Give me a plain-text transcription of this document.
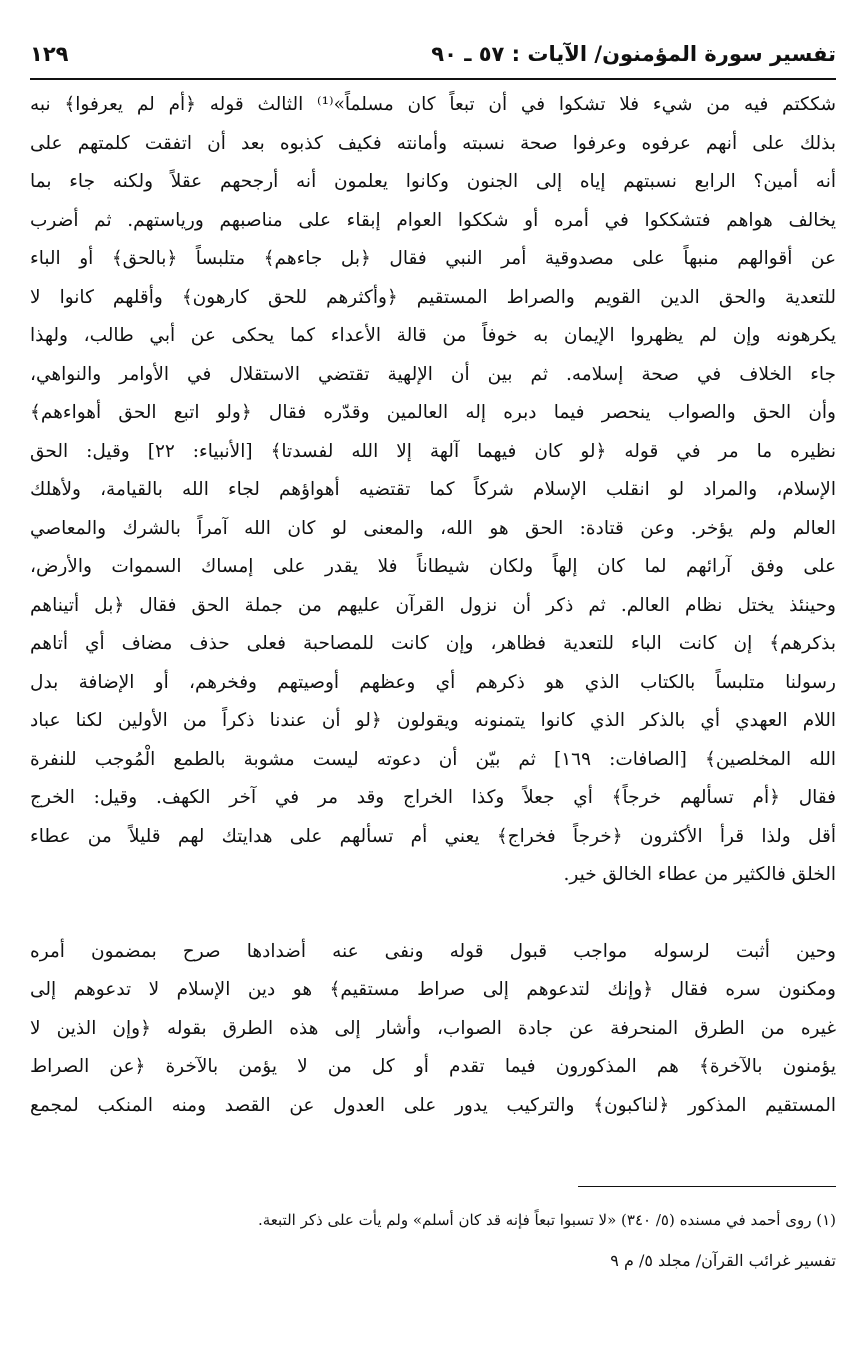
تفسير سورة المؤمنون/ الآيات : ٥٧ ـ ٩٠
١٢٩
شككتم فيه من شيء فلا تشكوا في أن تبعاً كان مسلماً»⁽¹⁾ الثالث قوله ﴿أم لم يعرفوا﴾ نبه
بذلك على أنهم عرفوه وعرفوا صحة نسبته وأمانته فكيف كذبوه بعد أن اتفقت كلمتهم على
أنه أمين؟ الرابع نسبتهم إياه إلى الجنون وكانوا يعلمون أنه أرجحهم عقلاً ولكنه جاء بما
يخالف هواهم فتشككوا في أمره أو شككوا العوام إبقاء على مناصبهم ورياستهم. ثم أضرب
عن أقوالهم منبهاً على مصدوقية أمر النبي فقال ﴿بل جاءهم﴾ متلبساً ﴿بالحق﴾ أو الباء
للتعدية والحق الدين القويم والصراط المستقيم ﴿وأكثرهم للحق كارهون﴾ وأقلهم كانوا لا
يكرهونه وإن لم يظهروا الإيمان به خوفاً من قالة الأعداء كما يحكى عن أبي طالب، ولهذا
جاء الخلاف في صحة إسلامه. ثم بين أن الإلهية تقتضي الاستقلال في الأوامر والنواهي،
وأن الحق والصواب ينحصر فيما دبره إله العالمين وقدّره فقال ﴿ولو اتبع الحق أهواءهم﴾
نظيره ما مر في قوله ﴿لو كان فيهما آلهة إلا الله لفسدتا﴾ [الأنبياء: ٢٢] وقيل: الحق
الإسلام، والمراد لو انقلب الإسلام شركاً كما تقتضيه أهواؤهم لجاء الله بالقيامة، ولأهلك
العالم ولم يؤخر. وعن قتادة: الحق هو الله، والمعنى لو كان الله آمراً بالشرك والمعاصي
على وفق آرائهم لما كان إلهاً ولكان شيطاناً فلا يقدر على إمساك السموات والأرض،
وحينئذ يختل نظام العالم. ثم ذكر أن نزول القرآن عليهم من جملة الحق فقال ﴿بل أتيناهم
بذكرهم﴾ إن كانت الباء للتعدية فظاهر، وإن كانت للمصاحبة فعلى حذف مضاف أي أتاهم
رسولنا متلبساً بالكتاب الذي هو ذكرهم أي وعظهم أوصيتهم وفخرهم، أو الإضافة بدل
اللام العهدي أي بالذكر الذي كانوا يتمنونه ويقولون ﴿لو أن عندنا ذكراً من الأولين لكنا عباد
الله المخلصين﴾ [الصافات: ١٦٩] ثم بيّن أن دعوته ليست مشوبة بالطمع الْمُوجب للنفرة
فقال ﴿أم تسألهم خرجاً﴾ أي جعلاً وكذا الخراج وقد مر في آخر الكهف. وقيل: الخرج
أقل ولذا قرأ الأكثرون ﴿خرجاً فخراج﴾ يعني أم تسألهم على هدايتك لهم قليلاً من عطاء
الخلق فالكثير من عطاء الخالق خير.
وحين أثبت لرسوله مواجب قبول قوله ونفى عنه أضدادها صرح بمضمون أمره
ومكنون سره فقال ﴿وإنك لتدعوهم إلى صراط مستقيم﴾ هو دين الإسلام لا تدعوهم إلى
غيره من الطرق المنحرفة عن جادة الصواب، وأشار إلى هذه الطرق بقوله ﴿وإن الذين لا
يؤمنون بالآخرة﴾ هم المذكورون فيما تقدم أو كل من لا يؤمن بالآخرة ﴿عن الصراط
المستقيم المذكور ﴿لناكبون﴾ والتركيب يدور على العدول عن القصد ومنه المنكب لمجمع
(١) روى أحمد في مسنده (٥/ ٣٤٠) «لا تسبوا تبعاً فإنه قد كان أسلم» ولم يأت على ذكر التبعة.
تفسير غرائب القرآن/ مجلد ٥/ م ٩
